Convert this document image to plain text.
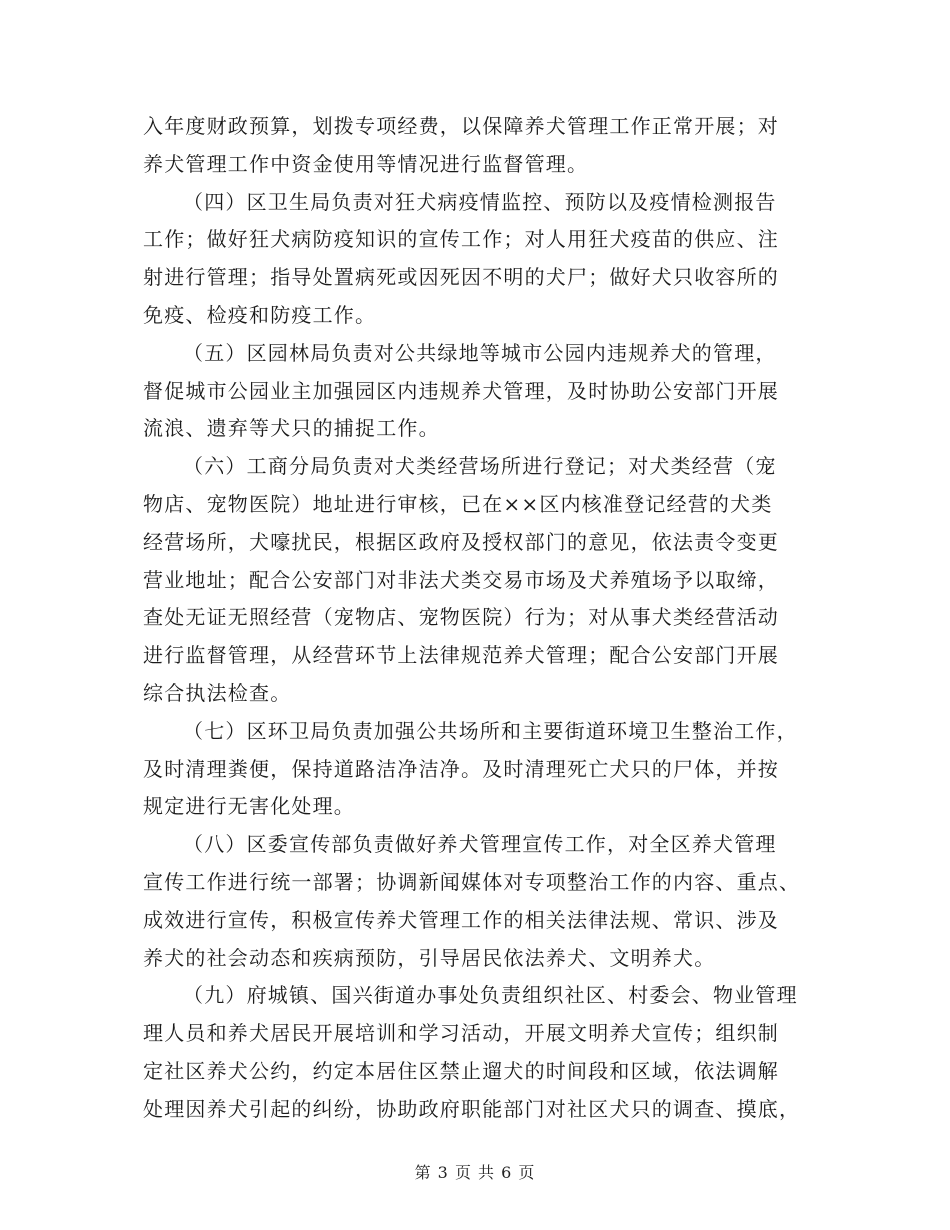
入年度财政预算，划拨专项经费，以保障养犬管理工作正常开展；对
养犬管理工作中资金使用等情况进行监督管理。
（四）区卫生局负责对狂犬病疫情监控、预防以及疫情检测报告
工作；做好狂犬病防疫知识的宣传工作；对人用狂犬疫苗的供应、注
射进行管理；指导处置病死或因死因不明的犬尸；做好犬只收容所的
免疫、检疫和防疫工作。
（五）区园林局负责对公共绿地等城市公园内违规养犬的管理，
督促城市公园业主加强园区内违规养犬管理，及时协助公安部门开展
流浪、遗弃等犬只的捕捉工作。
（六）工商分局负责对犬类经营场所进行登记；对犬类经营（宠
物店、宠物医院）地址进行审核，已在××区内核准登记经营的犬类
经营场所，犬嚎扰民，根据区政府及授权部门的意见，依法责令变更
营业地址；配合公安部门对非法犬类交易市场及犬养殖场予以取缔，
查处无证无照经营（宠物店、宠物医院）行为；对从事犬类经营活动
进行监督管理，从经营环节上法律规范养犬管理；配合公安部门开展
综合执法检查。
（七）区环卫局负责加强公共场所和主要街道环境卫生整治工作，
及时清理粪便，保持道路洁净洁净。及时清理死亡犬只的尸体，并按
规定进行无害化处理。
（八）区委宣传部负责做好养犬管理宣传工作，对全区养犬管理
宣传工作进行统一部署；协调新闻媒体对专项整治工作的内容、重点、
成效进行宣传，积极宣传养犬管理工作的相关法律法规、常识、涉及
养犬的社会动态和疾病预防，引导居民依法养犬、文明养犬。
（九）府城镇、国兴街道办事处负责组织社区、村委会、物业管理
理人员和养犬居民开展培训和学习活动，开展文明养犬宣传；组织制
定社区养犬公约，约定本居住区禁止遛犬的时间段和区域，依法调解
处理因养犬引起的纠纷，协助政府职能部门对社区犬只的调查、摸底，
第 3 页 共 6 页
